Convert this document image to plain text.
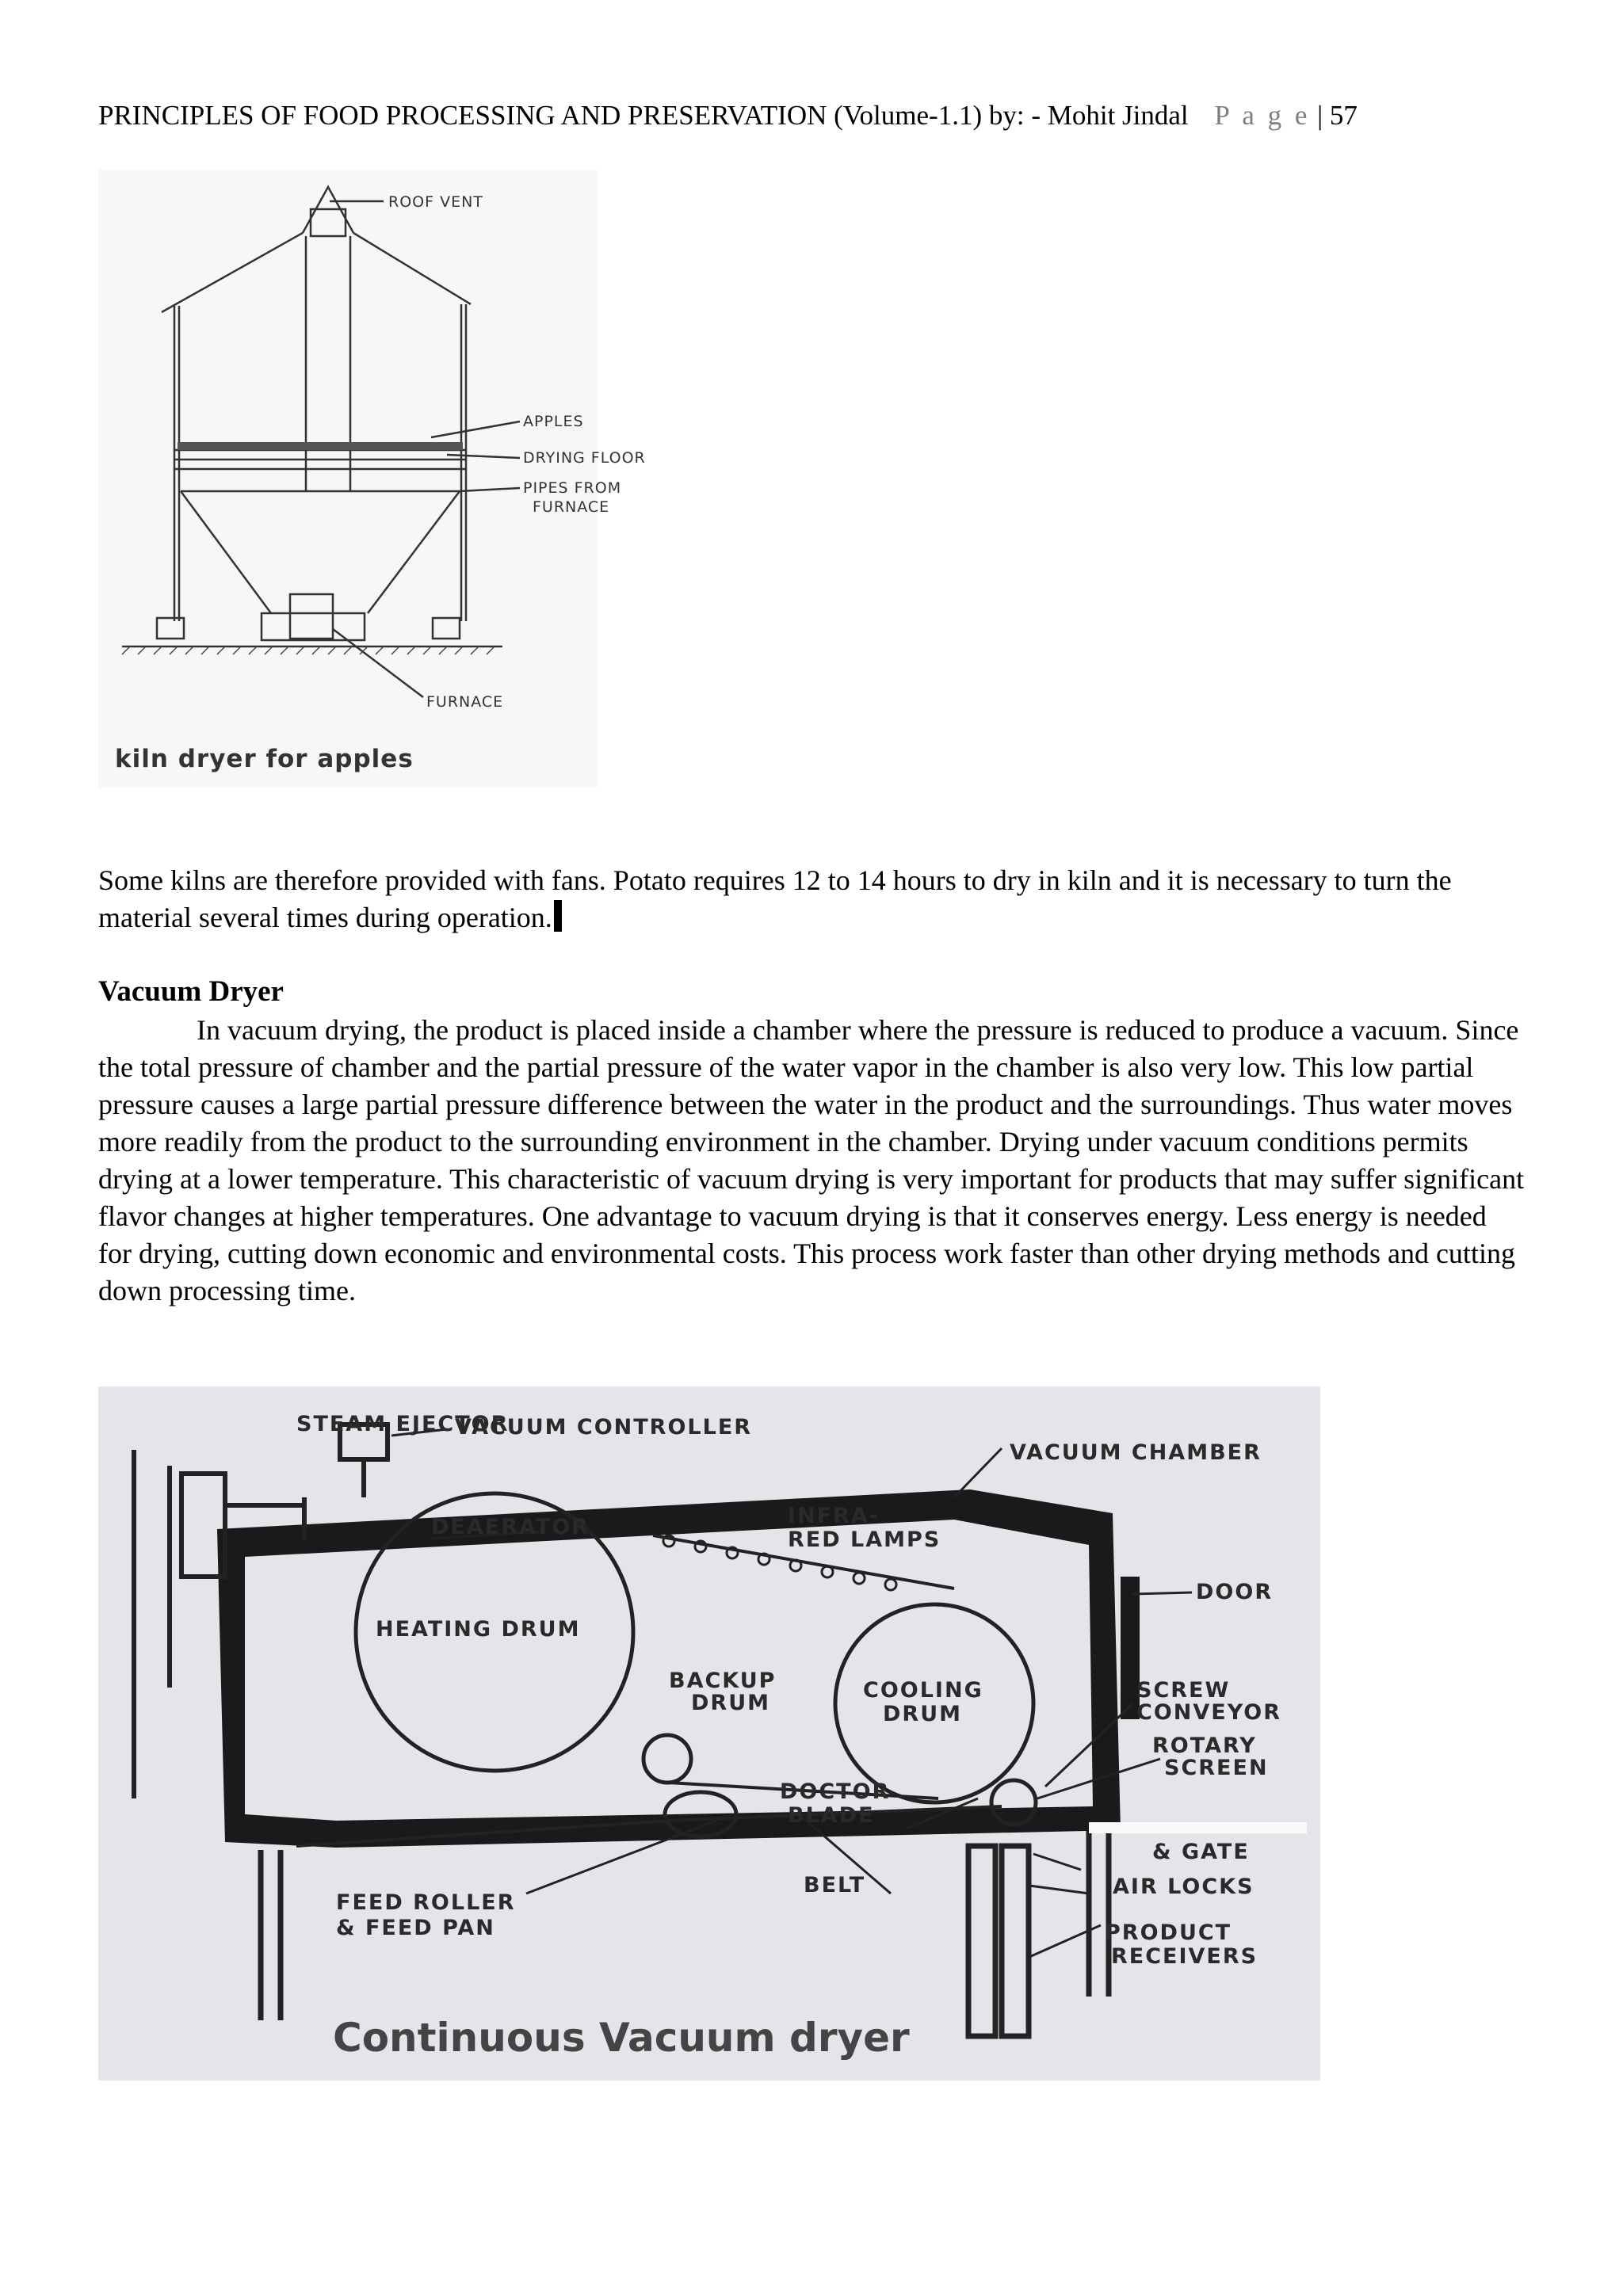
PRINCIPLES OF FOOD PROCESSING AND PRESERVATION (Volume-1.1) by: - Mohit Jindal P a g e | 57
ROOF VENT
APPLES
DRYING FLOOR
PIPES FROM
FURNACE
FURNACE
kiln dryer for apples
Some kilns are therefore provided with fans. Potato requires 12 to 14 hours to dry in kiln and it is necessary to turn the material several times during operation.
Vacuum Dryer
In vacuum drying, the product is placed inside a chamber where the pressure is reduced to produce a vacuum. Since the total pressure of chamber and the partial pressure of the water vapor in the chamber is also very low. This low partial pressure causes a large partial pressure difference between the water in the product and the surroundings. Thus water moves more readily from the product to the surrounding environment in the chamber. Drying under vacuum conditions permits drying at a lower temperature. This characteristic of vacuum drying is very important for products that may suffer significant flavor changes at higher temperatures. One advantage to vacuum drying is that it conserves energy. Less energy is needed for drying, cutting down economic and environmental costs. This process work faster than other drying methods and cutting down processing time.
STEAM EJECTOR
VACUUM CONTROLLER
VACUUM CHAMBER
DEAERATOR	INFRA-
RED LAMPS
DOOR
HEATING DRUM
BACKUP
DRUM
COOLING
DRUM
SCREW
CONVEYOR
ROTARY
SCREEN
DOCTOR
BLADE
& GATE
AIR LOCKS
BELT
FEED ROLLER
& FEED PAN	PRODUCT
RECEIVERS
Continuous Vacuum dryer
